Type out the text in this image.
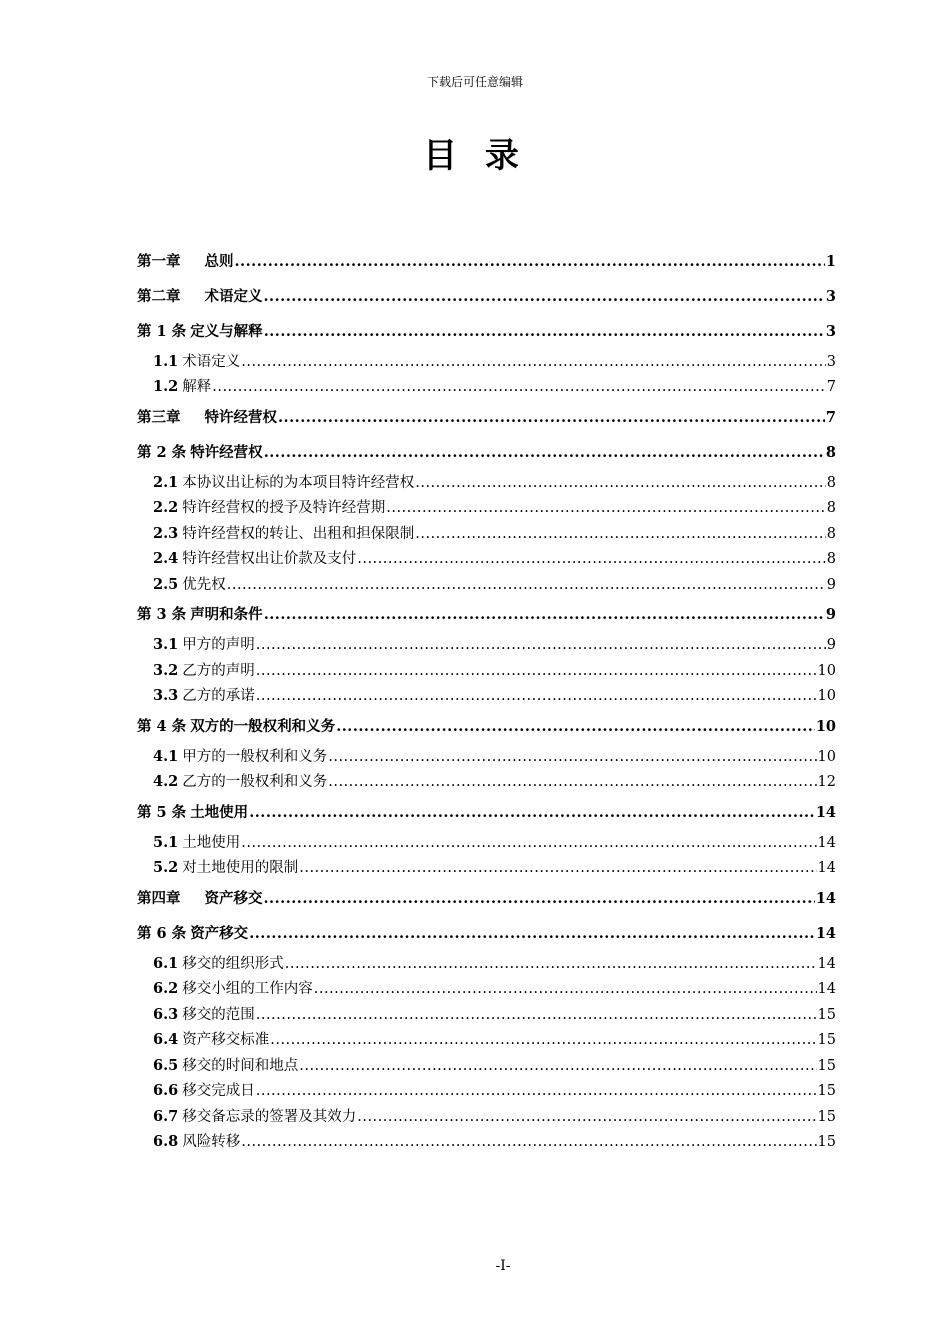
下载后可任意编辑
目 录
第一章 总则 .....	1
第二章 术语定义 .....	3
第 1 条 定义与解释 .....	3
1.1 术语定义 .....	3
1.2 解释 .....	7
第三章 特许经营权 .....	7
第 2 条 特许经营权 .....	8
2.1 本协议出让标的为本项目特许经营权 .....	8
2.2 特许经营权的授予及特许经营期 .....	8
2.3 特许经营权的转让、出租和担保限制 .....	8
2.4 特许经营权出让价款及支付 .....	8
2.5 优先权 .....	9
第 3 条 声明和条件 .....	9
3.1 甲方的声明 .....	9
3.2 乙方的声明 .....	10
3.3 乙方的承诺 .....	10
第 4 条 双方的一般权利和义务 .....	10
4.1 甲方的一般权利和义务 .....	10
4.2 乙方的一般权利和义务 .....	12
第 5 条 土地使用 .....	14
5.1 土地使用 .....	14
5.2 对土地使用的限制 .....	14
第四章 资产移交 .....	14
第 6 条 资产移交 .....	14
6.1 移交的组织形式 .....	14
6.2 移交小组的工作内容 .....	14
6.3 移交的范围 .....	15
6.4 资产移交标准 .....	15
6.5 移交的时间和地点 .....	15
6.6 移交完成日 .....	15
6.7 移交备忘录的签署及其效力 .....	15
6.8 风险转移 .....	15
-I-
